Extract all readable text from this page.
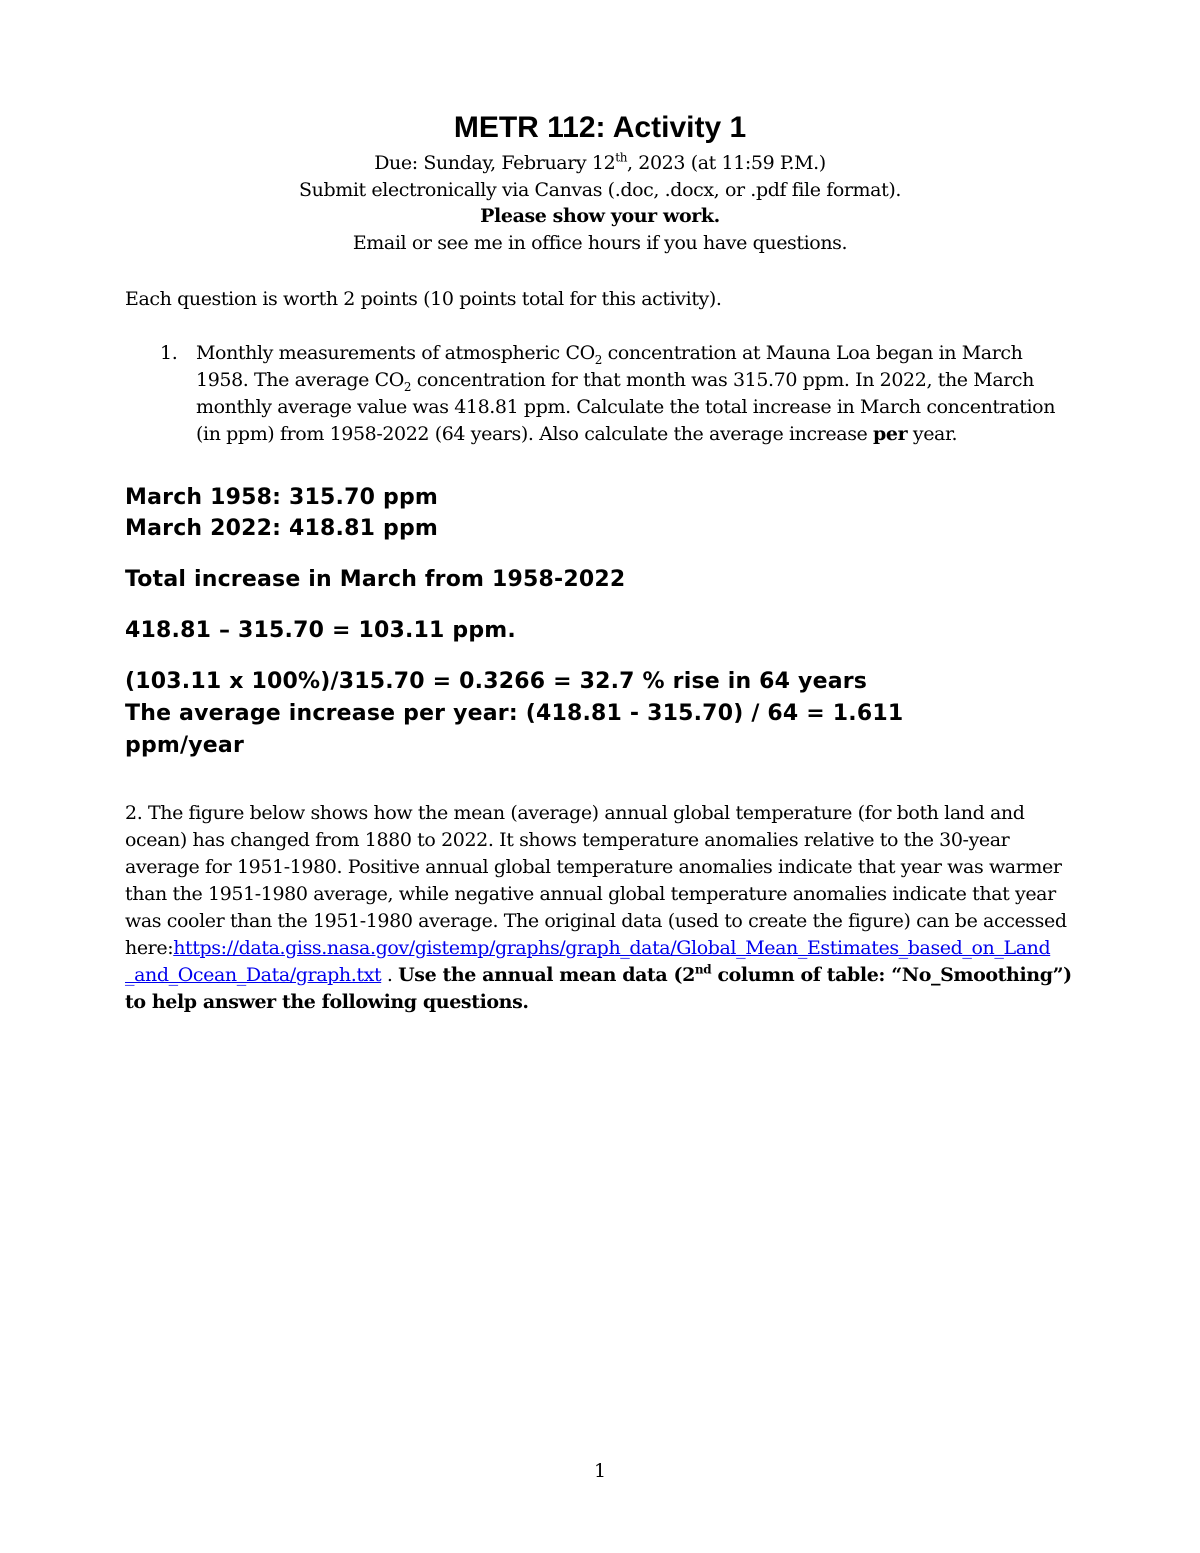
METR 112: Activity 1
Due: Sunday, February 12th, 2023 (at 11:59 P.M.)
Submit electronically via Canvas (.doc, .docx, or .pdf file format).
Please show your work.
Email or see me in office hours if you have questions.
Each question is worth 2 points (10 points total for this activity).
1. Monthly measurements of atmospheric $CO_2$ concentration at Mauna Loa began in March
1958. The average $CO_2$ concentration for that month was 315.70 ppm. In 2022, the March
monthly average value was 418.81 ppm. Calculate the total increase in March concentration
(in ppm) from 1958-2022 (64 years). Also calculate the average increase per year.
March 1958: 315.70 ppm
March 2022: 418.81 ppm
Total increase in March from 1958-2022
418.81 – 315.70 = 103.11 ppm.
(103.11 x 100%)/315.70 = 0.3266 = 32.7 % rise in 64 years
The average increase per year: (418.81 - 315.70) / 64 = 1.611
ppm/year
2. The figure below shows how the mean (average) annual global temperature (for both land and
ocean) has changed from 1880 to 2022. It shows temperature anomalies relative to the 30-year
average for 1951-1980. Positive annual global temperature anomalies indicate that year was warmer
than the 1951-1980 average, while negative annual global temperature anomalies indicate that year
was cooler than the 1951-1980 average. The original data (used to create the figure) can be accessed
here:https://data.giss.nasa.gov/gistemp/graphs/graph_data/Global_Mean_Estimates_based_on_Land
_and_Ocean_Data/graph.txt . Use the annual mean data (2nd column of table: “No_Smoothing”)
to help answer the following questions.
1
